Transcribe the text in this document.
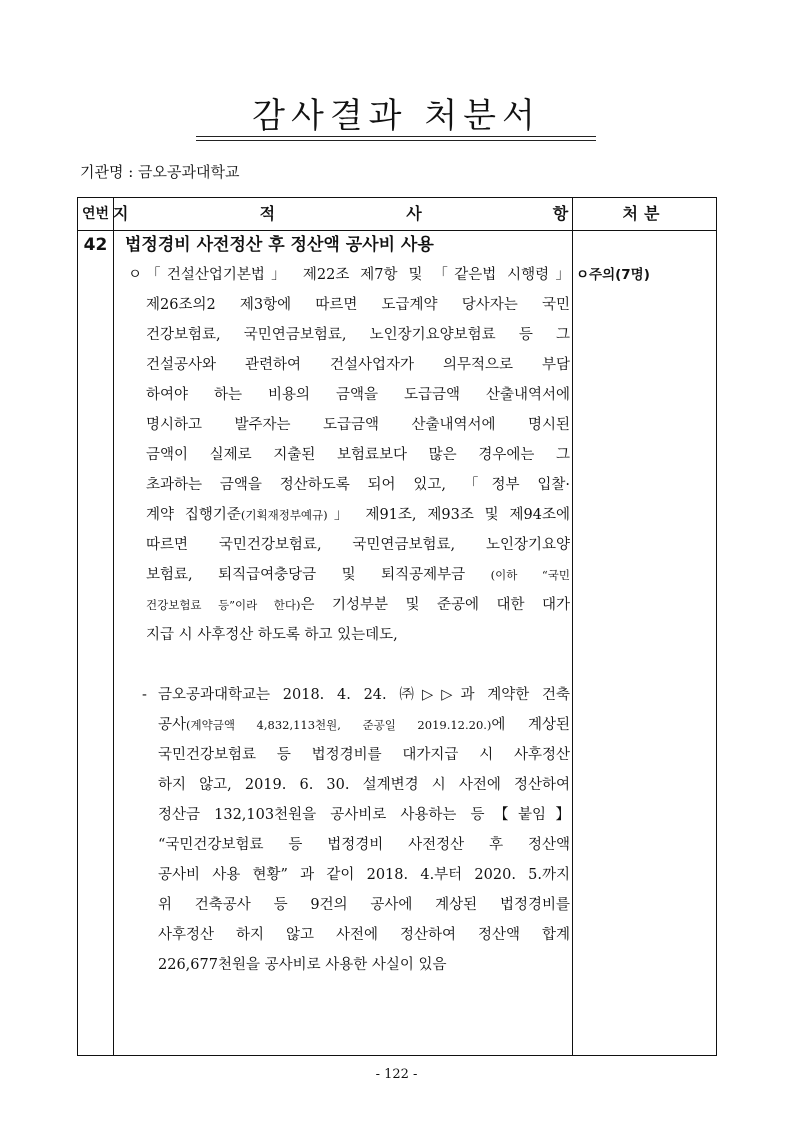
감사결과 처분서
기관명 : 금오공과대학교
연번 지  적  사  항 처분
42	법정경비 사전정산 후 정산액 공사비 사용
ㅇ주의(7명)
ㅇ 「건설산업기본법」 제22조 제7항 및 「같은법 시행령」
제26조의2 제3항에 따르면 도급계약 당사자는 국민
건강보험료, 국민연금보험료, 노인장기요양보험료 등 그
건설공사와 관련하여 건설사업자가 의무적으로 부담
하여야 하는 비용의 금액을 도급금액 산출내역서에
명시하고 발주자는 도급금액 산출내역서에 명시된
금액이 실제로 지출된 보험료보다 많은 경우에는 그
초과하는 금액을 정산하도록 되어 있고, 「정부 입찰·
계약 집행기준(기획재정부예규)」 제91조, 제93조 및 제94조에
따르면 국민건강보험료, 국민연금보험료, 노인장기요양
보험료, 퇴직급여충당금 및 퇴직공제부금 (이하 “국민
건강보험료 등”이라 한다)은 기성부분 및 준공에 대한 대가
지급 시 사후정산 하도록 하고 있는데도,
- 금오공과대학교는 2018. 4. 24. ㈜▷▷과 계약한 건축
공사(계약금액 4,832,113천원, 준공일 2019.12.20.)에 계상된
국민건강보험료 등 법정경비를 대가지급 시 사후정산
하지 않고, 2019. 6. 30. 설계변경 시 사전에 정산하여
정산금 132,103천원을 공사비로 사용하는 등【붙임】
“국민건강보험료 등 법정경비 사전정산 후 정산액
공사비 사용 현황” 과 같이 2018. 4.부터 2020. 5.까지
위 건축공사 등 9건의 공사에 계상된 법정경비를
사후정산 하지 않고 사전에 정산하여 정산액 합계
226,677천원을 공사비로 사용한 사실이 있음
- 122 -
